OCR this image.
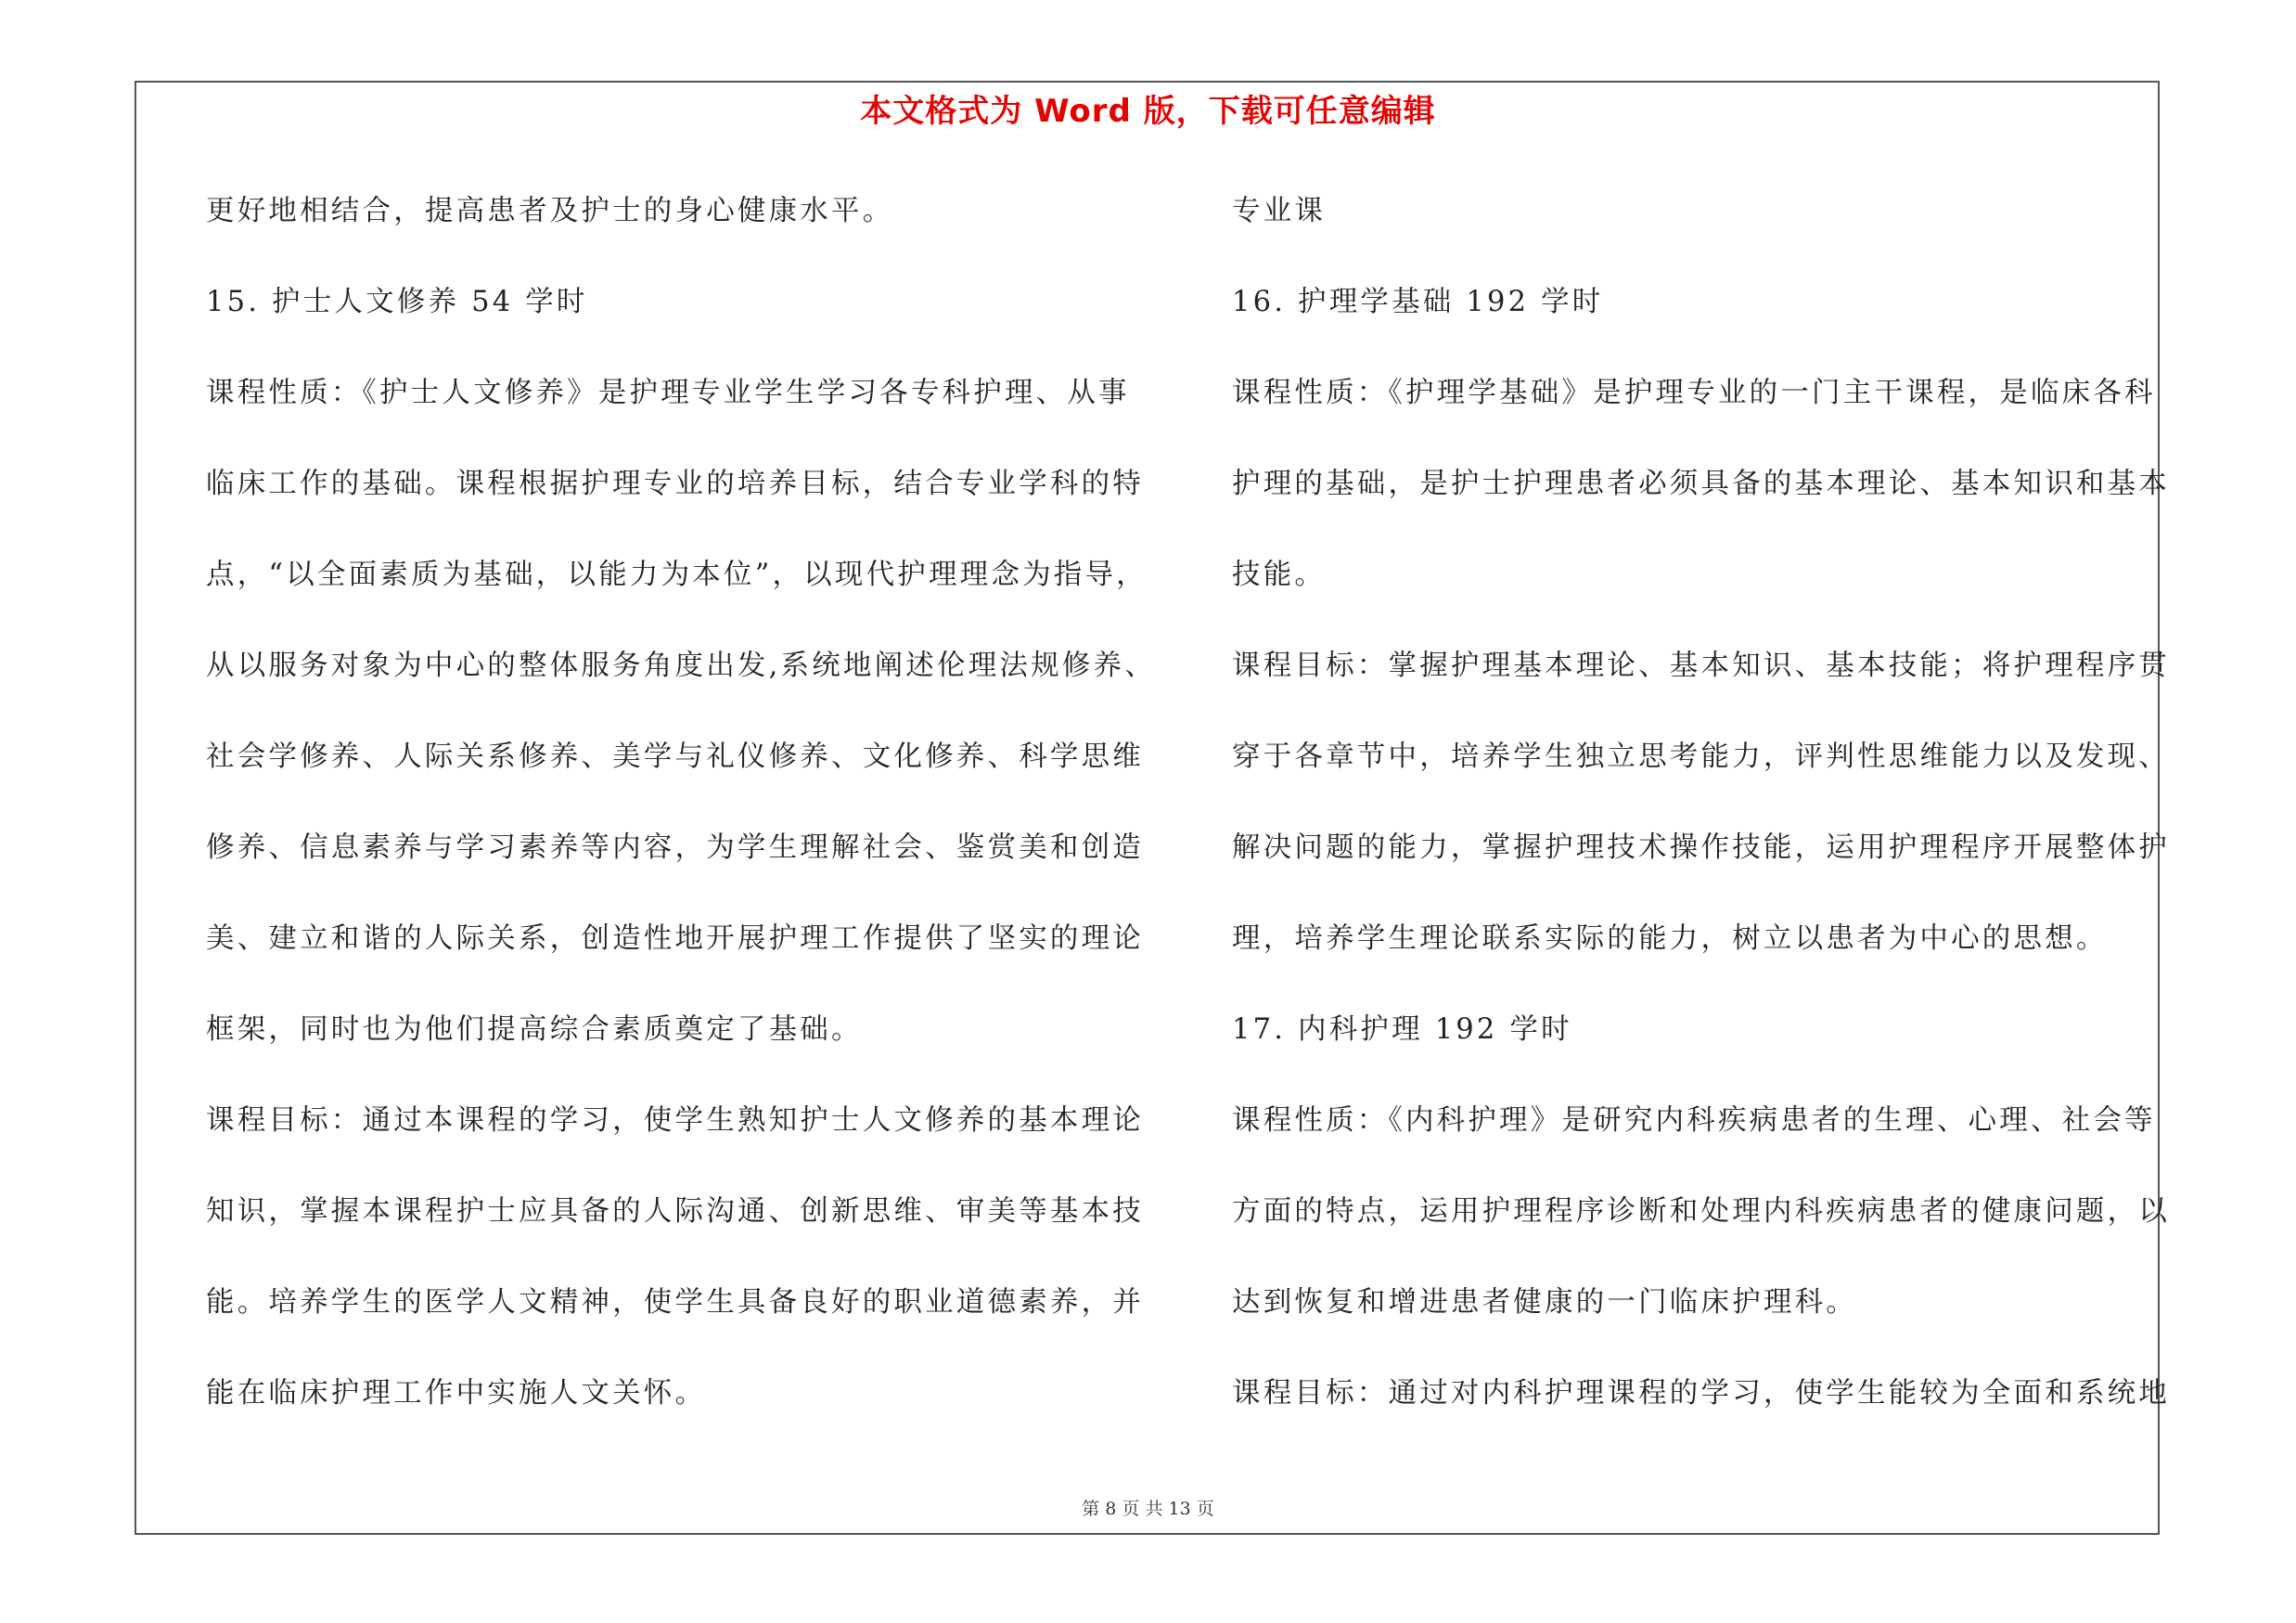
本文格式为 Word 版，下载可任意编辑
更好地相结合，提高患者及护士的身心健康水平。
15. 护士人文修养 54 学时
课程性质：《护士人文修养》是护理专业学生学习各专科护理、从事
临床工作的基础。课程根据护理专业的培养目标，结合专业学科的特
点，“以全面素质为基础，以能力为本位”，以现代护理理念为指导，
从以服务对象为中心的整体服务角度出发,系统地阐述伦理法规修养、
社会学修养、人际关系修养、美学与礼仪修养、文化修养、科学思维
修养、信息素养与学习素养等内容，为学生理解社会、鉴赏美和创造
美、建立和谐的人际关系，创造性地开展护理工作提供了坚实的理论
框架，同时也为他们提高综合素质奠定了基础。
课程目标：通过本课程的学习，使学生熟知护士人文修养的基本理论
知识，掌握本课程护士应具备的人际沟通、创新思维、审美等基本技
能。培养学生的医学人文精神，使学生具备良好的职业道德素养，并
能在临床护理工作中实施人文关怀。
专业课
16. 护理学基础 192 学时
课程性质：《护理学基础》是护理专业的一门主干课程，是临床各科
护理的基础，是护士护理患者必须具备的基本理论、基本知识和基本
技能。
课程目标：掌握护理基本理论、基本知识、基本技能；将护理程序贯
穿于各章节中，培养学生独立思考能力，评判性思维能力以及发现、
解决问题的能力，掌握护理技术操作技能，运用护理程序开展整体护
理，培养学生理论联系实际的能力，树立以患者为中心的思想。
17. 内科护理 192 学时
课程性质：《内科护理》是研究内科疾病患者的生理、心理、社会等
方面的特点，运用护理程序诊断和处理内科疾病患者的健康问题，以
达到恢复和增进患者健康的一门临床护理科。
课程目标：通过对内科护理课程的学习，使学生能较为全面和系统地
第 8 页 共 13 页
